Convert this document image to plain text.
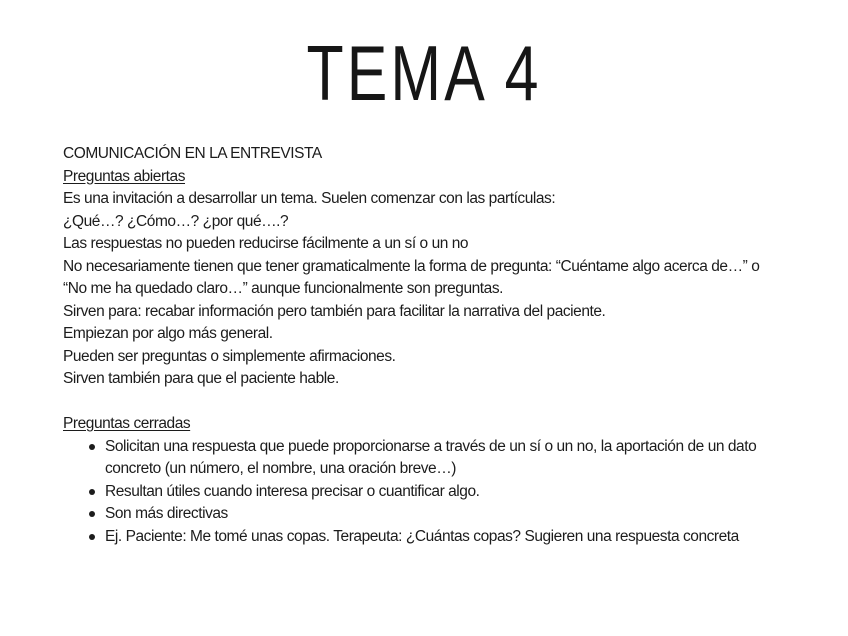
TEMA 4
COMUNICACIÓN EN LA ENTREVISTA
Preguntas abiertas
Es una invitación a desarrollar un tema. Suelen comenzar con las partículas:
¿Qué…? ¿Cómo…? ¿por qué….?
Las respuestas no pueden reducirse fácilmente a un sí o un no
No necesariamente tienen que tener gramaticalmente la forma de pregunta: “Cuéntame algo acerca de…” o “No me ha quedado claro…” aunque funcionalmente son preguntas.
Sirven para: recabar información pero también para facilitar la narrativa del paciente.
Empiezan por algo más general.
Pueden ser preguntas o simplemente afirmaciones.
Sirven también para que el paciente hable.
Preguntas cerradas
Solicitan una respuesta que puede proporcionarse a través de un sí o un no, la aportación de un dato concreto (un número, el nombre, una oración breve…)
Resultan útiles cuando interesa precisar o cuantificar algo.
Son más directivas
Ej. Paciente: Me tomé unas copas. Terapeuta: ¿Cuántas copas? Sugieren una respuesta concreta
